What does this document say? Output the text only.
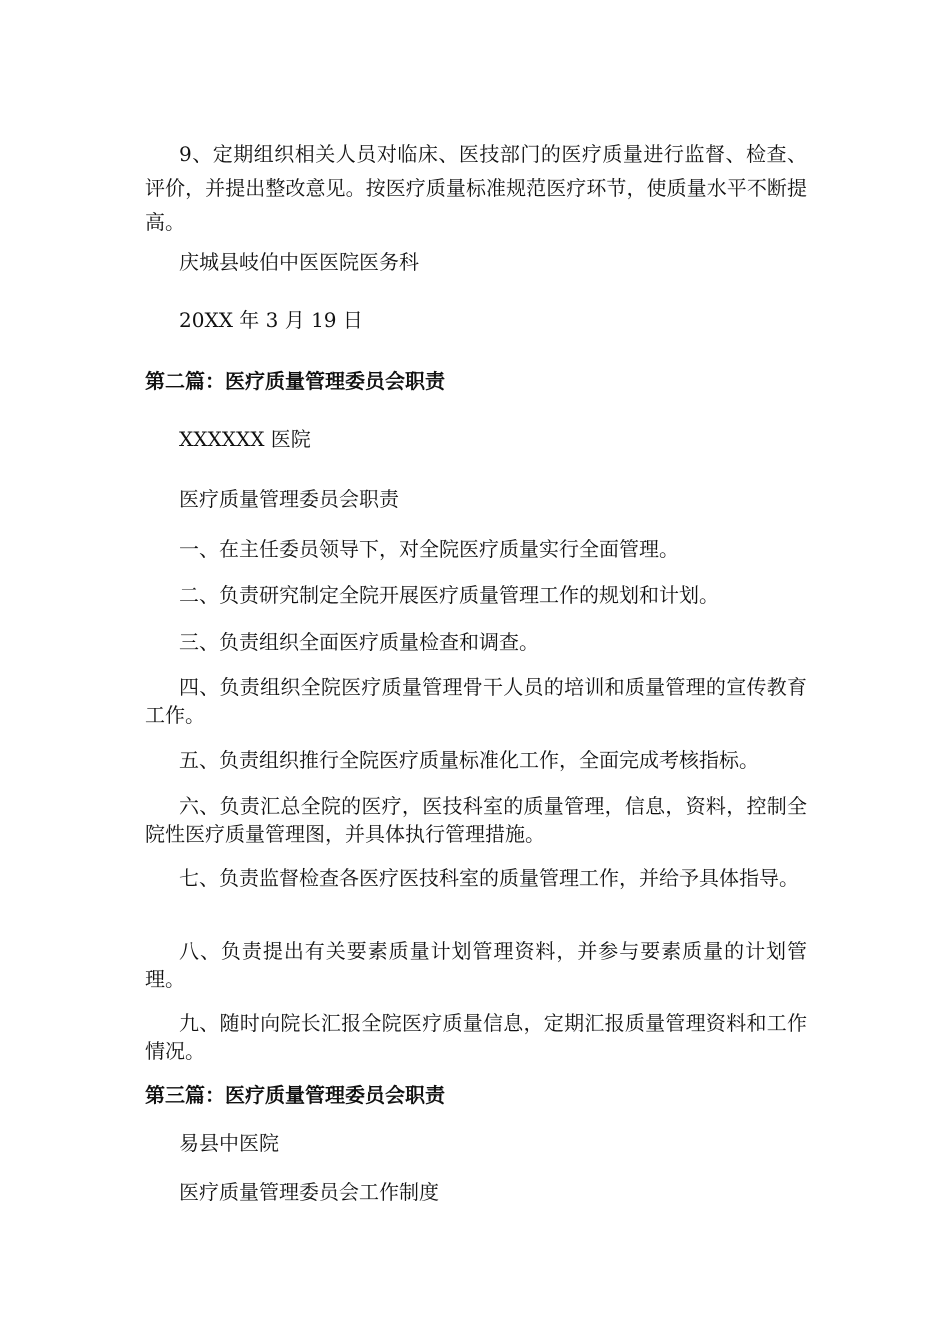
9、定期组织相关人员对临床、医技部门的医疗质量进行监督、检查、评价，并提出整改意见。按医疗质量标准规范医疗环节，使质量水平不断提高。

庆城县岐伯中医医院医务科

20XX 年 3 月 19 日

第二篇：医疗质量管理委员会职责

XXXXXX 医院

医疗质量管理委员会职责

一、在主任委员领导下，对全院医疗质量实行全面管理。

二、负责研究制定全院开展医疗质量管理工作的规划和计划。

三、负责组织全面医疗质量检查和调查。

四、负责组织全院医疗质量管理骨干人员的培训和质量管理的宣传教育工作。

五、负责组织推行全院医疗质量标准化工作，全面完成考核指标。

六、负责汇总全院的医疗，医技科室的质量管理，信息，资料，控制全院性医疗质量管理图，并具体执行管理措施。

七、负责监督检查各医疗医技科室的质量管理工作，并给予具体指导。

八、负责提出有关要素质量计划管理资料，并参与要素质量的计划管理。

九、随时向院长汇报全院医疗质量信息，定期汇报质量管理资料和工作情况。

第三篇：医疗质量管理委员会职责

易县中医院

医疗质量管理委员会工作制度
